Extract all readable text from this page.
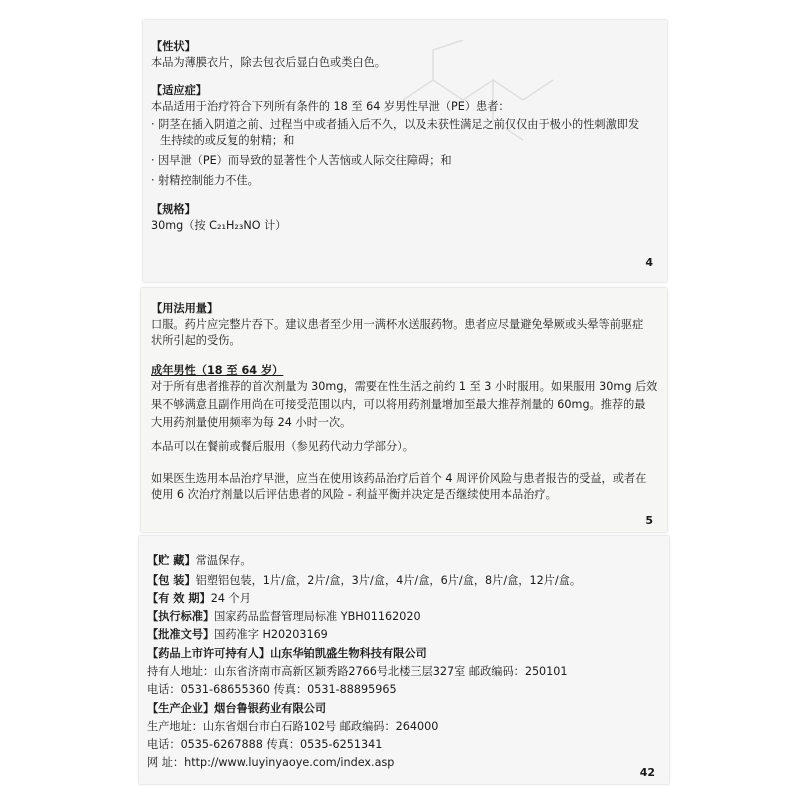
【性状】
本品为薄膜衣片，除去包衣后显白色或类白色。
【适应症】
本品适用于治疗符合下列所有条件的 18 至 64 岁男性早泄（PE）患者：
· 阴茎在插入阴道之前、过程当中或者插入后不久，以及未获性满足之前仅仅由于极小的性刺激即发
生持续的或反复的射精；和
· 因早泄（PE）而导致的显著性个人苦恼或人际交往障碍；和
· 射精控制能力不佳。
【规格】
30mg（按 C₂₁H₂₃NO 计）
4
【用法用量】
口服。药片应完整片吞下。建议患者至少用一满杯水送服药物。患者应尽量避免晕厥或头晕等前驱症
状所引起的受伤。
成年男性（18 至 64 岁）
对于所有患者推荐的首次剂量为 30mg，需要在性生活之前约 1 至 3 小时服用。如果服用 30mg 后效
果不够满意且副作用尚在可接受范围以内，可以将用药剂量增加至最大推荐剂量的 60mg。推荐的最
大用药剂量使用频率为每 24 小时一次。
本品可以在餐前或餐后服用（参见药代动力学部分）。
如果医生选用本品治疗早泄，应当在使用该药品治疗后首个 4 周评价风险与患者报告的受益，或者在
使用 6 次治疗剂量以后评估患者的风险 - 利益平衡并决定是否继续使用本品治疗。
5
【贮 藏】常温保存。
【包 装】铝塑铝包装，1片/盒，2片/盒，3片/盒，4片/盒，6片/盒，8片/盒，12片/盒。
【有 效 期】24 个月
【执行标准】国家药品监督管理局标准 YBH01162020
【批准文号】国药准字 H20203169
【药品上市许可持有人】山东华铂凯盛生物科技有限公司
持有人地址：山东省济南市高新区颖秀路2766号北楼三层327室 邮政编码：250101
电话：0531-68655360 传真：0531-88895965
【生产企业】烟台鲁银药业有限公司
生产地址：山东省烟台市白石路102号 邮政编码：264000
电话：0535-6267888 传真：0535-6251341
网 址：http://www.luyinyaoye.com/index.asp
42
